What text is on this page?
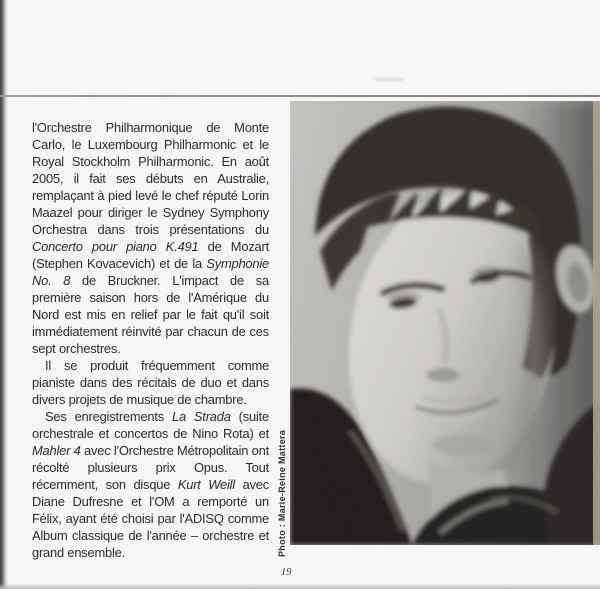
l'Orchestre Philharmonique de Monte Carlo, le Luxembourg Philharmonic et le Royal Stockholm Philharmonic. En août 2005, il fait ses débuts en Australie, remplaçant à pied levé le chef réputé Lorin Maazel pour diriger le Sydney Symphony Orchestra dans trois présentations du Concerto pour piano K.491 de Mozart (Stephen Kovacevich) et de la Symphonie No. 8 de Bruckner. L'impact de sa première saison hors de l'Amérique du Nord est mis en relief par le fait qu'il soit immédiatement réinvité par chacun de ces sept orchestres.

Il se produit fréquemment comme pianiste dans des récitals de duo et dans divers projets de musique de chambre.

Ses enregistrements La Strada (suite orchestrale et concertos de Nino Rota) et Mahler 4 avec l'Orchestre Métropolitain ont récolté plusieurs prix Opus. Tout récemment, son disque Kurt Weill avec Diane Dufresne et l'OM a remporté un Félix, ayant été choisi par l'ADISQ comme Album classique de l'année – orchestre et grand ensemble.	Photo : Marie-Reine Mattera
19
